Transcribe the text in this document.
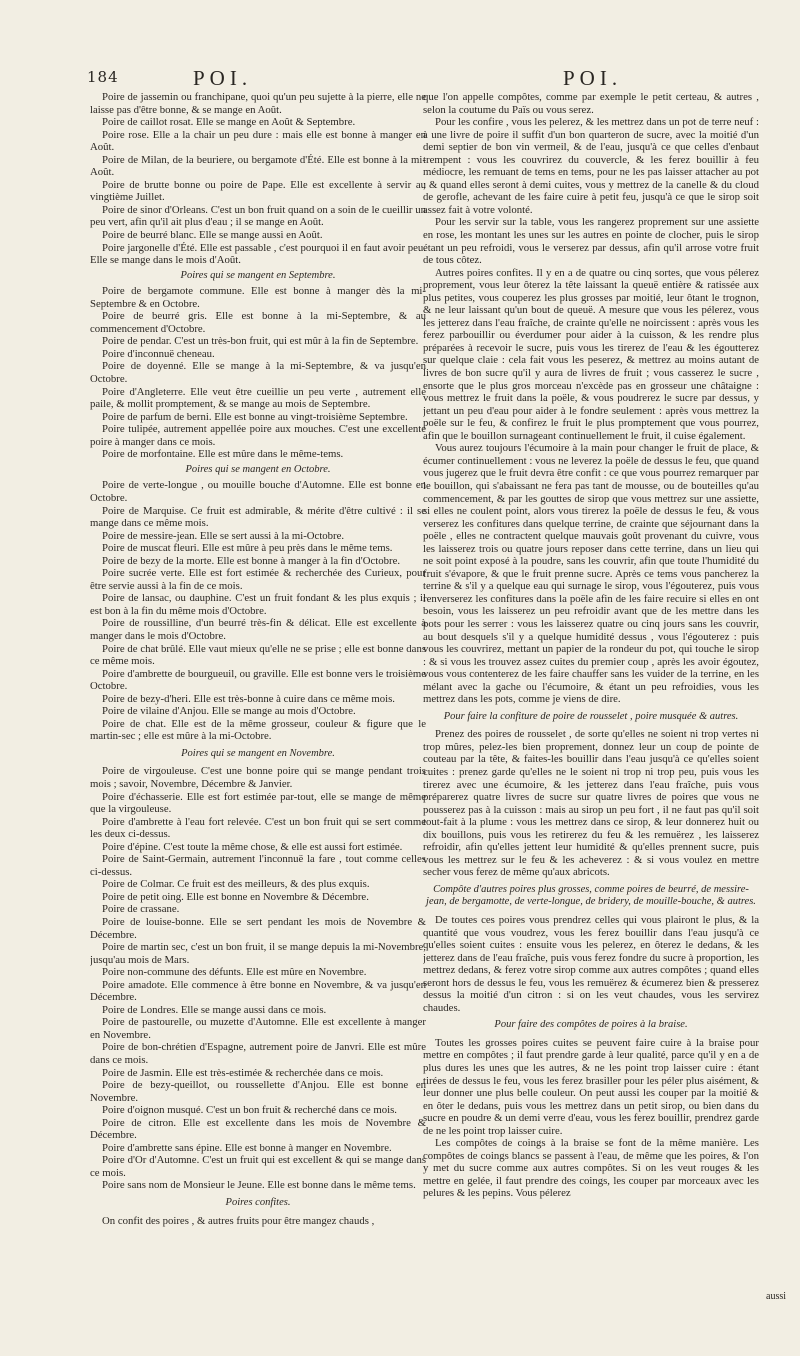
184	POI.	POI.

Poire de jassemin ou franchipane, quoi qu'un peu sujette à la pierre, elle ne laisse pas d'être bonne, & se mange en Août.

Poire de caillot rosat. Elle se mange en Août & Septembre.

Poire rose. Elle a la chair un peu dure : mais elle est bonne à manger en Août.

Poire de Milan, de la beuriere, ou bergamote d'Été. Elle est bonne à la mi-Août.

Poire de brutte bonne ou poire de Pape. Elle est excellente à servir au vingtième Juillet.

Poire de sinor d'Orleans. C'est un bon fruit quand on a soin de le cueillir un peu vert, afin qu'il ait plus d'eau ; il se mange en Août.

Poire de beurré blanc. Elle se mange aussi en Août.

Poire jargonelle d'Été. Elle est passable , c'est pourquoi il en faut avoir peu. Elle se mange dans le mois d'Août.

Poires qui se mangent en Septembre.

Poire de bergamote commune. Elle est bonne à manger dès la mi-Septembre & en Octobre.

Poire de beurré gris. Elle est bonne à la mi-Septembre, & au commencement d'Octobre.

Poire de pendar. C'est un très-bon fruit, qui est mûr à la fin de Septembre.

Poire d'inconnuë cheneau.

Poire de doyenné. Elle se mange à la mi-Septembre, & va jusqu'en Octobre.

Poire d'Angleterre. Elle veut être cueillie un peu verte , autrement elle paile, & mollit promptement, & se mange au mois de Septembre.

Poire de parfum de berni. Elle est bonne au vingt-troisième Septembre.

Poire tulipée, autrement appellée poire aux mouches. C'est une excellente poire à manger dans ce mois.

Poire de morfontaine. Elle est mûre dans le même-tems.

Poires qui se mangent en Octobre.

Poire de verte-longue , ou mouille bouche d'Automne. Elle est bonne en Octobre.

Poire de Marquise. Ce fruit est admirable, & mérite d'être cultivé : il se mange dans ce même mois.

Poire de messire-jean. Elle se sert aussi à la mi-Octobre.

Poire de muscat fleuri. Elle est mûre à peu près dans le même tems.

Poire de bezy de la morte. Elle est bonne à manger à la fin d'Octobre.

Poire sucrée verte. Elle est fort estimée & recherchée des Curieux, pour être servie aussi à la fin de ce mois.

Poire de lansac, ou dauphine. C'est un fruit fondant & les plus exquis ; il est bon à la fin du même mois d'Octobre.

Poire de roussilline, d'un beurré très-fin & délicat. Elle est excellente à manger dans le mois d'Octobre.

Poire de chat brûlé. Elle vaut mieux qu'elle ne se prise ; elle est bonne dans ce même mois.

Poire d'ambrette de bourgueuil, ou graville. Elle est bonne vers le troisième Octobre.

Poire de bezy-d'heri. Elle est très-bonne à cuire dans ce même mois.

Poire de vilaine d'Anjou. Elle se mange au mois d'Octobre.

Poire de chat. Elle est de la même grosseur, couleur & figure que le martin-sec ; elle est mûre à la mi-Octobre.

Poires qui se mangent en Novembre.

Poire de virgouleuse. C'est une bonne poire qui se mange pendant trois mois ; savoir, Novembre, Décembre & Janvier.

Poire d'échasserie. Elle est fort estimée par-tout, elle se mange de même que la virgouleuse.

Poire d'ambrette à l'eau fort relevée. C'est un bon fruit qui se sert comme les deux ci-dessus.

Poire d'épine. C'est toute la même chose, & elle est aussi fort estimée.

Poire de Saint-Germain, autrement l'inconnuë la fare , tout comme celles ci-dessus.

Poire de Colmar. Ce fruit est des meilleurs, & des plus exquis.

Poire de petit oing. Elle est bonne en Novembre & Décembre.

Poire de crassane.

Poire de louise-bonne. Elle se sert pendant les mois de Novembre & Décembre.

Poire de martin sec, c'est un bon fruit, il se mange depuis la mi-Novembre, jusqu'au mois de Mars.

Poire non-commune des défunts. Elle est mûre en Novembre.

Poire amadote. Elle commence à être bonne en Novembre, & va jusqu'en Décembre.

Poire de Londres. Elle se mange aussi dans ce mois.

Poire de pastourelle, ou muzette d'Automne. Elle est excellente à manger en Novembre.

Poire de bon-chrétien d'Espagne, autrement poire de Janvri. Elle est mûre dans ce mois.

Poire de Jasmin. Elle est très-estimée & recherchée dans ce mois.

Poire de bezy-queillot, ou roussellette d'Anjou. Elle est bonne en Novembre.

Poire d'oignon musqué. C'est un bon fruit & recherché dans ce mois.

Poire de citron. Elle est excellente dans les mois de Novembre & Décembre.

Poire d'ambrette sans épine. Elle est bonne à manger en Novembre.

Poire d'Or d'Automne. C'est un fruit qui est excellent & qui se mange dans ce mois.

Poire sans nom de Monsieur le Jeune. Elle est bonne dans le même tems.

Poires confites.

On confit des poires , & autres fruits pour être mangez chauds ,

que l'on appelle compôtes, comme par exemple le petit certeau, & autres , selon la coutume du Païs ou vous serez.

Pour les confire , vous les pelerez, & les mettrez dans un pot de terre neuf : à une livre de poire il suffit d'un bon quarteron de sucre, avec la moitié d'un demi septier de bon vin vermeil, & de l'eau, jusqu'à ce que celles d'enbaut trempent : vous les couvrirez du couvercle, & les ferez bouillir à feu médiocre, les remuant de tems en tems, pour ne les pas laisser attacher au pot ; & quand elles seront à demi cuites, vous y mettrez de la canelle & du cloud de gerofle, achevant de les faire cuire à petit feu, jusqu'à ce que le sirop soit assez fait à votre volonté.

Pour les servir sur la table, vous les rangerez proprement sur une assiette en rose, les montant les unes sur les autres en pointe de clocher, puis le sirop étant un peu refroidi, vous le verserez par dessus, afin qu'il arrose votre fruit de tous côtez.

Autres poires confites. Il y en a de quatre ou cinq sortes, que vous pélerez proprement, vous leur ôterez la tête laissant la queuë entière & ratissée aux plus petites, vous couperez les plus grosses par moitié, leur ôtant le trognon, & ne leur laissant qu'un bout de queuë. A mesure que vous les pélerez, vous les jetterez dans l'eau fraîche, de crainte qu'elle ne noircissent : après vous les ferez parbouillir ou éverdumer pour aider à la cuisson, & les rendre plus préparées à recevoir le sucre, puis vous les tirerez de l'eau & les égoutterez sur quelque claie : cela fait vous les peserez, & mettrez au moins autant de livres de bon sucre qu'il y aura de livres de fruit ; vous casserez le sucre , ensorte que le plus gros morceau n'excède pas en grosseur une châtaigne : vous mettrez le fruit dans la poële, & vous poudrerez le sucre par dessus, y jettant un peu d'eau pour aider à le fondre seulement : après vous mettrez la poële sur le feu, & confirez le fruit le plus promptement que vous pourrez, afin que le bouillon surnageant continuellement le fruit, il cuise également.

Vous aurez toujours l'écumoire à la main pour changer le fruit de place, & écumer continuellement : vous ne leverez la poële de dessus le feu, que quand vous jugerez que le fruit devra être confit : ce que vous pourrez remarquer par le bouillon, qui s'abaissant ne fera pas tant de mousse, ou de bouteilles qu'au commencement, & par les gouttes de sirop que vous mettrez sur une assiette, si elles ne coulent point, alors vous tirerez la poële de dessus le feu, & vous verserez les confitures dans quelque terrine, de crainte que séjournant dans la poële , elles ne contractent quelque mauvais goût provenant du cuivre, vous les laisserez trois ou quatre jours reposer dans cette terrine, dans un lieu qui ne soit point exposé à la poudre, sans les couvrir, afin que toute l'humidité du fruit s'évapore, & que le fruit prenne sucre. Après ce tems vous pancherez la terrine & s'il y a quelque eau qui surnage le sirop, vous l'égouterez, puis vous renverserez les confitures dans la poële afin de les faire recuire si elles en ont besoin, vous les laisserez un peu refroidir avant que de les mettre dans les pots pour les serrer : vous les laisserez quatre ou cinq jours sans les couvrir, au bout desquels s'il y a quelque humidité dessus , vous l'égouterez : puis vous les couvrirez, mettant un papier de la rondeur du pot, qui touche le sirop : & si vous les trouvez assez cuites du premier coup , après les avoir égoutez, vous vous contenterez de les faire chauffer sans les vuider de la terrine, en les mélant avec la gache ou l'écumoire, & étant un peu refroidies, vous les mettrez dans les pots, comme je viens de dire.

Pour faire la confiture de poire de rousselet , poire musquée & autres.

Prenez des poires de rousselet , de sorte qu'elles ne soient ni trop vertes ni trop mûres, pelez-les bien proprement, donnez leur un coup de pointe de couteau par la tête, & faites-les bouillir dans l'eau jusqu'à ce qu'elles soient cuites : prenez garde qu'elles ne le soient ni trop ni trop peu, puis vous les tirerez avec une écumoire, & les jetterez dans l'eau fraîche, puis vous préparerez quatre livres de sucre sur quatre livres de poires que vous ne pousserez pas à la cuisson : mais au sirop un peu fort , il ne faut pas qu'il soit tout-fait à la plume : vous les mettrez dans ce sirop, & leur donnerez huit ou dix bouillons, puis vous les retirerez du feu & les remuërez , les laisserez refroidir, afin qu'elles jettent leur humidité & qu'elles prennent sucre, puis vous les mettrez sur le feu & les acheverez : & si vous voulez en mettre secher vous ferez de même qu'aux abricots.

Compôte d'autres poires plus grosses, comme poires de beurré, de messire-jean, de bergamotte, de verte-longue, de bridery, de mouille-bouche, & autres.

De toutes ces poires vous prendrez celles qui vous plairont le plus, & la quantité que vous voudrez, vous les ferez bouillir dans l'eau jusqu'à ce qu'elles soient cuites : ensuite vous les pelerez, en ôterez le dedans, & les jetterez dans de l'eau fraîche, puis vous ferez fondre du sucre à proportion, les mettrez dedans, & ferez votre sirop comme aux autres compôtes ; quand elles seront hors de dessus le feu, vous les remuërez & écumerez bien & presserez dessus la moitié d'un citron : si on les veut chaudes, vous les servirez chaudes.

Pour faire des compôtes de poires à la braise.

Toutes les grosses poires cuites se peuvent faire cuire à la braise pour mettre en compôtes ; il faut prendre garde à leur qualité, parce qu'il y en a de plus dures les unes que les autres, & ne les point trop laisser cuire : étant tirées de dessus le feu, vous les ferez brasiller pour les péler plus aisément, & leur donner une plus belle couleur. On peut aussi les couper par la moitié & en ôter le dedans, puis vous les mettrez dans un petit sirop, ou bien dans du sucre en poudre & un demi verre d'eau, vous les ferez bouillir, prendrez garde de ne les point trop laisser cuire.

Les compôtes de coings à la braise se font de la même manière. Les compôtes de coings blancs se passent à l'eau, de même que les poires, & l'on y met du sucre comme aux autres compôtes. Si on les veut rouges & les mettre en gelée, il faut prendre des coings, les couper par morceaux avec les pelures & les pepins. Vous pélerez

aussi
